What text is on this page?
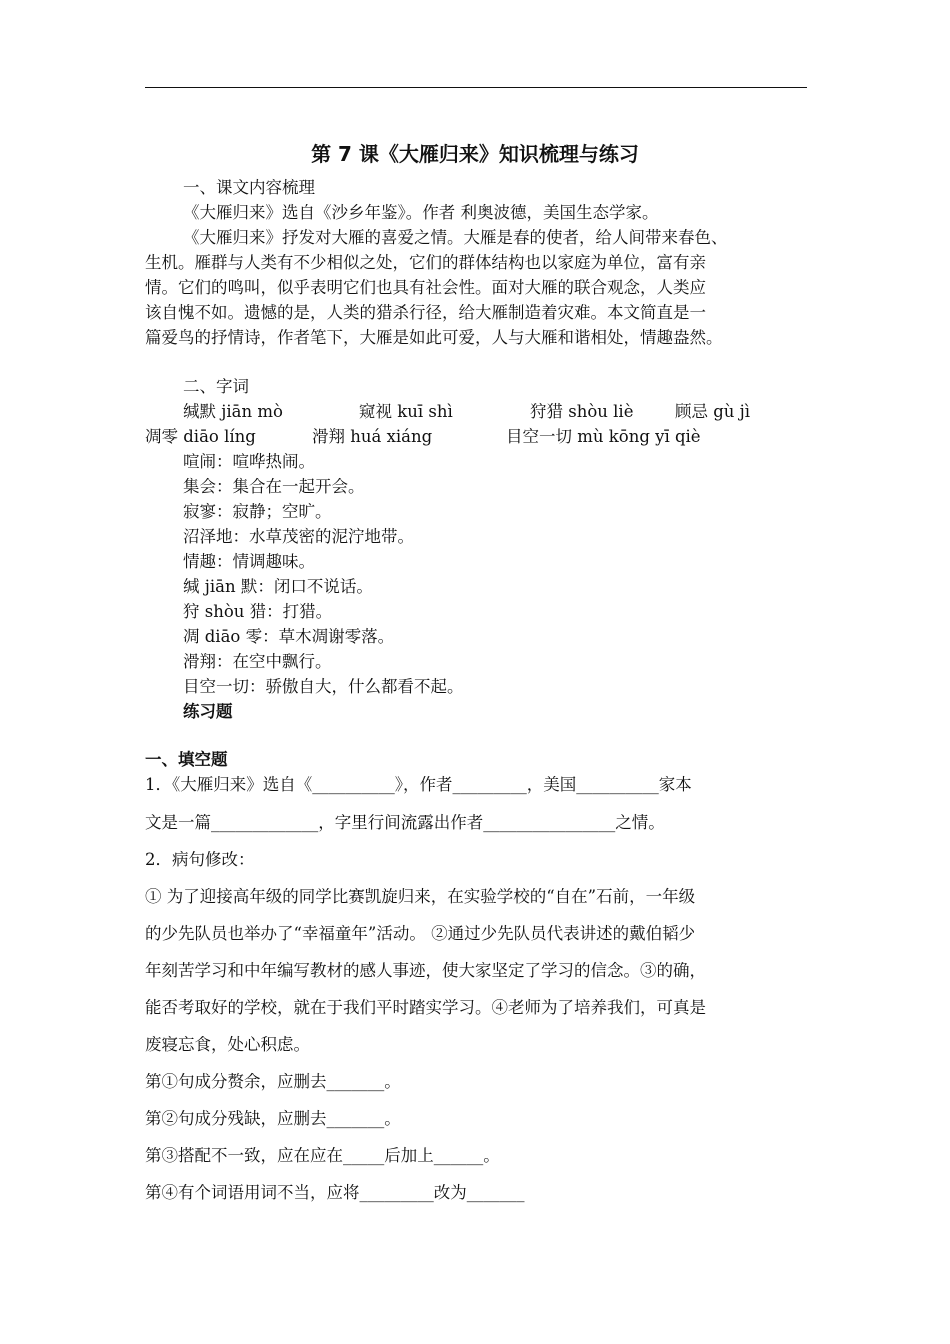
第 7 课《大雁归来》知识梳理与练习
一、课文内容梳理
《大雁归来》选自《沙乡年鉴》。作者 利奥波德，美国生态学家。
《大雁归来》抒发对大雁的喜爱之情。大雁是春的使者，给人间带来春色、
生机。雁群与人类有不少相似之处，它们的群体结构也以家庭为单位，富有亲
情。它们的鸣叫，似乎表明它们也具有社会性。面对大雁的联合观念，人类应
该自愧不如。遗憾的是，人类的猎杀行径，给大雁制造着灾难。本文简直是一
篇爱鸟的抒情诗，作者笔下，大雁是如此可爱，人与大雁和谐相处，情趣盎然。
二、字词
缄默 jiān mò	窥视 kuī shì	狩猎 shòu liè	顾忌 gù jì
凋零 diāo líng	滑翔 huá xiáng	目空一切 mù kōng yī qiè
喧闹：喧哗热闹。
集会：集合在一起开会。
寂寥：寂静；空旷。
沼泽地：水草茂密的泥泞地带。
情趣：情调趣味。
缄 jiān 默：闭口不说话。
狩 shòu 猎：打猎。
凋 diāo 零：草木凋谢零落。
滑翔：在空中飘行。
目空一切：骄傲自大，什么都看不起。
练习题
一、填空题
1．《大雁归来》选自《__________》，作者_________，美国__________家本
文是一篇_____________，字里行间流露出作者________________之情。
2．病句修改：
① 为了迎接高年级的同学比赛凯旋归来，在实验学校的“自在”石前，一年级
的少先队员也举办了“幸福童年”活动。 ②通过少先队员代表讲述的戴伯韬少
年刻苦学习和中年编写教材的感人事迹，使大家坚定了学习的信念。③的确，
能否考取好的学校，就在于我们平时踏实学习。④老师为了培养我们，可真是
废寝忘食，处心积虑。
第①句成分赘余，应删去_______。
第②句成分残缺，应删去_______。
第③搭配不一致，应在应在_____后加上______。
第④有个词语用词不当，应将_________改为_______
